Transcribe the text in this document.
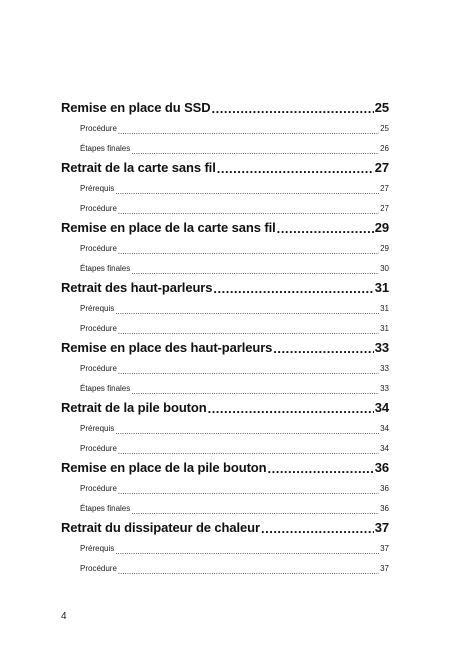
Remise en place du SSD .....	25
Procédure .....	25
Étapes finales .....	26
Retrait de la carte sans fil .....	27
Prérequis .....	27
Procédure .....	27
Remise en place de la carte sans fil .....	29
Procédure .....	29
Étapes finales .....	30
Retrait des haut-parleurs .....	31
Prérequis .....	31
Procédure .....	31
Remise en place des haut-parleurs .....	33
Procédure .....	33
Étapes finales .....	33
Retrait de la pile bouton .....	34
Prérequis .....	34
Procédure .....	34
Remise en place de la pile bouton .....	36
Procédure .....	36
Étapes finales .....	36
Retrait du dissipateur de chaleur .....	37
Prérequis .....	37
Procédure .....	37
4
